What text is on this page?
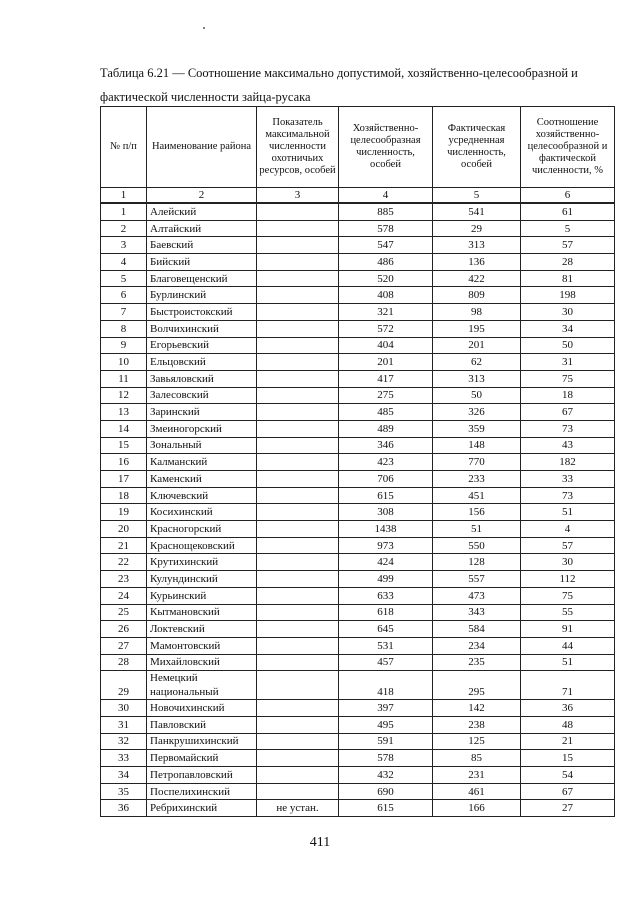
Таблица 6.21 — Соотношение максимально допустимой, хозяйственно-целесообразной и
фактической численности зайца-русака
№ п/п	Наименование района	Показатель максимальной численности охотничьих ресурсов, особей	Хозяйственно-целесообразная численность, особей	Фактическая усредненная численность, особей	Соотношение хозяйственно-целесообразной и фактической численности, %
1	2	3	4	5	6
1	Алейский		885	541	61
2	Алтайский		578	29	5
3	Баевский		547	313	57
4	Бийский		486	136	28
5	Благовещенский		520	422	81
6	Бурлинский		408	809	198
7	Быстроистокский		321	98	30
8	Волчихинский		572	195	34
9	Егорьевский		404	201	50
10	Ельцовский		201	62	31
11	Завьяловский		417	313	75
12	Залесовский		275	50	18
13	Заринский		485	326	67
14	Змеиногорский		489	359	73
15	Зональный		346	148	43
16	Калманский		423	770	182
17	Каменский		706	233	33
18	Ключевский		615	451	73
19	Косихинский		308	156	51
20	Красногорский		1438	51	4
21	Краснощековский		973	550	57
22	Крутихинский		424	128	30
23	Кулундинский		499	557	112
24	Курьинский		633	473	75
25	Кытмановский		618	343	55
26	Локтевский		645	584	91
27	Мамонтовский		531	234	44
28	Михайловский		457	235	51
29	Немецкий
национальный		418	295	71
30	Новочихинский		397	142	36
31	Павловский		495	238	48
32	Панкрушихинский		591	125	21
33	Первомайский		578	85	15
34	Петропавловский		432	231	54
35	Поспелихинский		690	461	67
36	Ребрихинский	не устан.	615	166	27
411
